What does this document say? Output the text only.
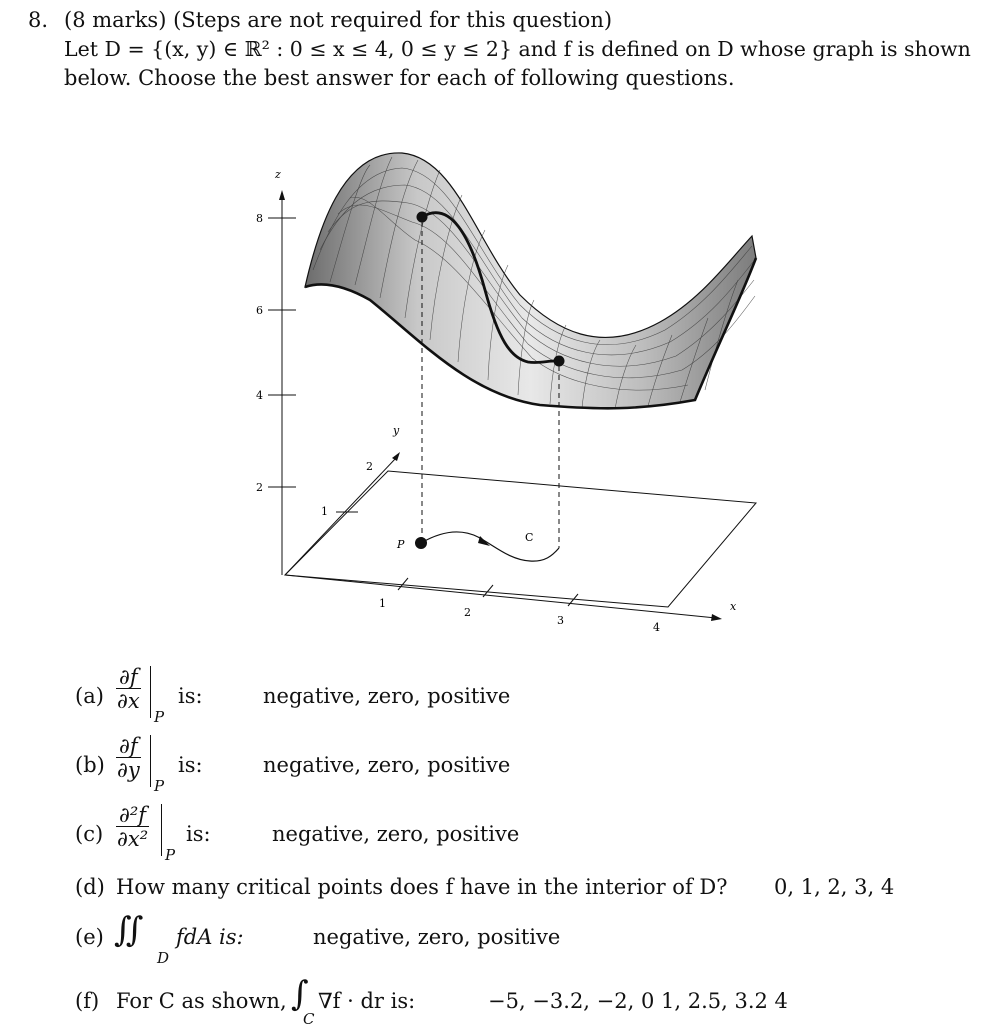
8. (8 marks) (Steps are not required for this question)
Let D = {(x, y) ∈ ℝ² : 0 ≤ x ≤ 4, 0 ≤ y ≤ 2} and f is defined on D whose graph is shown
below. Choose the best answer for each of following questions.
z
8
6
4
2
x
1
2
3
4
y
1
2
P
C
$(a) \frac{\partial f}{\partial x}$
P
is:	negative, zero, positive
$(b) \frac{\partial f}{\partial y}$
P
is:	negative, zero, positive
$(c) \frac{\text{∂²f}}{\text{∂x²}}$
P
is:	negative, zero, positive
(d) How many critical points does f have in the interior of D? 0, 1, 2, 3, 4
(e) ∫∫
D
fdA is:	negative, zero, positive
(f) For C as shown, ∫
C
∇f · dr is:	−5, −3.2, −2, 0 1, 2.5, 3.2 4
